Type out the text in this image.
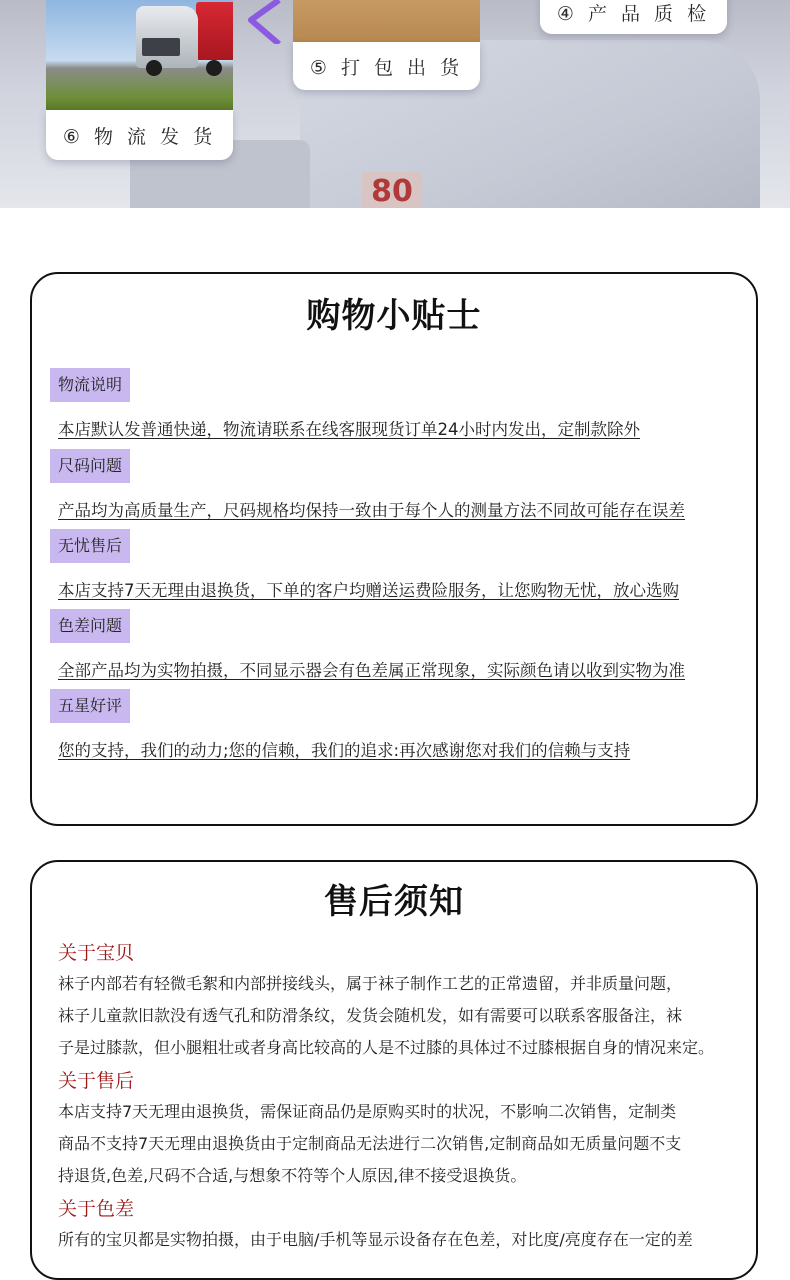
80
⑥ 物 流 发 货
⑤ 打 包 出 货
④ 产 品 质 检
购物小贴士
物流说明
本店默认发普通快递，物流请联系在线客服现货订单24小时内发出，定制款除外
尺码问题
产品均为高质量生产，尺码规格均保持一致由于每个人的测量方法不同故可能存在误差
无忧售后
本店支持7天无理由退换货，下单的客户均赠送运费险服务，让您购物无忧，放心选购
色差问题
全部产品均为实物拍摄，不同显示器会有色差属正常现象，实际颜色请以收到实物为准
五星好评
您的支持，我们的动力;您的信赖，我们的追求:再次感谢您对我们的信赖与支持
售后须知
关于宝贝
袜子内部若有轻微毛絮和内部拼接线头，属于袜子制作工艺的正常遗留，并非质量问题，
袜子儿童款旧款没有透气孔和防滑条纹，发货会随机发，如有需要可以联系客服备注，袜
子是过膝款，但小腿粗壮或者身高比较高的人是不过膝的具体过不过膝根据自身的情况来定。
关于售后
本店支持7天无理由退换货，需保证商品仍是原购买时的状况，不影响二次销售，定制类
商品不支持7天无理由退换货由于定制商品无法进行二次销售,定制商品如无质量问题不支
持退货,色差,尺码不合适,与想象不符等个人原因,律不接受退换货。
关于色差
所有的宝贝都是实物拍摄，由于电脑/手机等显示设备存在色差，对比度/亮度存在一定的差
